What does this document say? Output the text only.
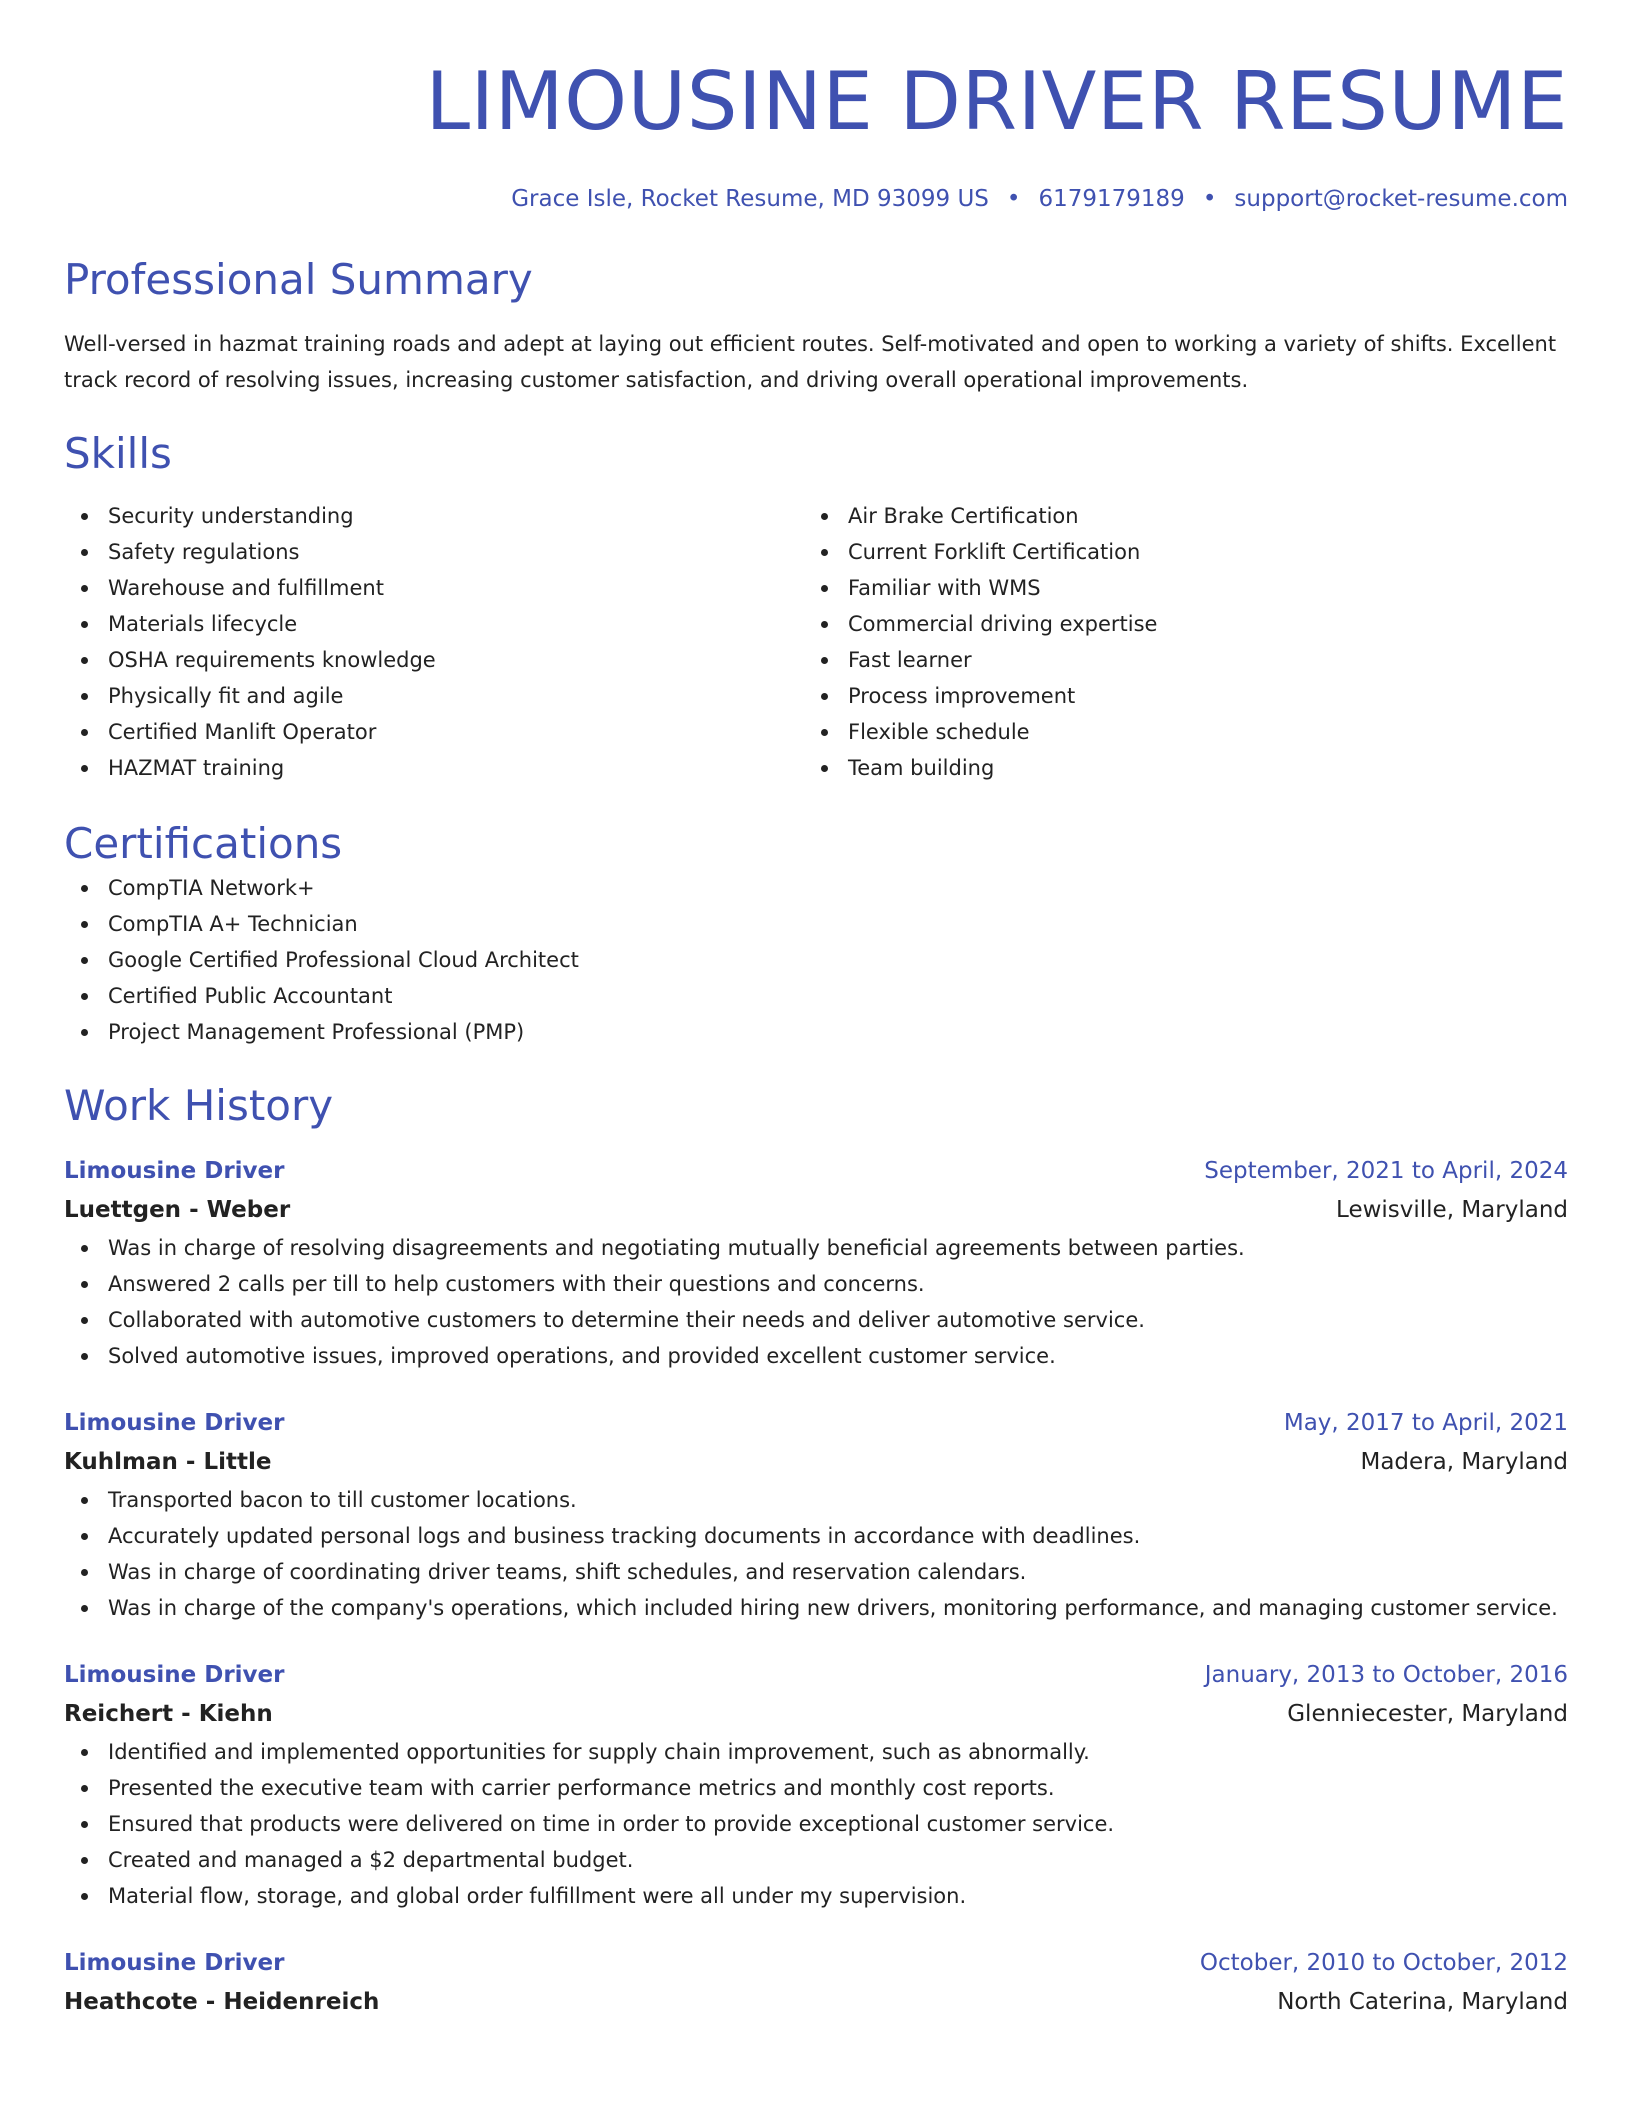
LIMOUSINE DRIVER RESUME
Grace Isle, Rocket Resume, MD 93099 US • 6179179189 • support@rocket-resume.com
Professional Summary
Well-versed in hazmat training roads and adept at laying out efficient routes. Self-motivated and open to working a variety of shifts. Excellent track record of resolving issues, increasing customer satisfaction, and driving overall operational improvements.
Skills
Security understanding
Safety regulations
Warehouse and fulfillment
Materials lifecycle
OSHA requirements knowledge
Physically fit and agile
Certified Manlift Operator
HAZMAT training
Air Brake Certification
Current Forklift Certification
Familiar with WMS
Commercial driving expertise
Fast learner
Process improvement
Flexible schedule
Team building
Certifications
CompTIA Network+
CompTIA A+ Technician
Google Certified Professional Cloud Architect
Certified Public Accountant
Project Management Professional (PMP)
Work History
Limousine Driver	September, 2021 to April, 2024
Luettgen - Weber	Lewisville, Maryland
Was in charge of resolving disagreements and negotiating mutually beneficial agreements between parties.
Answered 2 calls per till to help customers with their questions and concerns.
Collaborated with automotive customers to determine their needs and deliver automotive service.
Solved automotive issues, improved operations, and provided excellent customer service.
Limousine Driver	May, 2017 to April, 2021
Kuhlman - Little	Madera, Maryland
Transported bacon to till customer locations.
Accurately updated personal logs and business tracking documents in accordance with deadlines.
Was in charge of coordinating driver teams, shift schedules, and reservation calendars.
Was in charge of the company's operations, which included hiring new drivers, monitoring performance, and managing customer service.
Limousine Driver	January, 2013 to October, 2016
Reichert - Kiehn	Glenniecester, Maryland
Identified and implemented opportunities for supply chain improvement, such as abnormally.
Presented the executive team with carrier performance metrics and monthly cost reports.
Ensured that products were delivered on time in order to provide exceptional customer service.
Created and managed a $2 departmental budget.
Material flow, storage, and global order fulfillment were all under my supervision.
Limousine Driver	October, 2010 to October, 2012
Heathcote - Heidenreich	North Caterina, Maryland
